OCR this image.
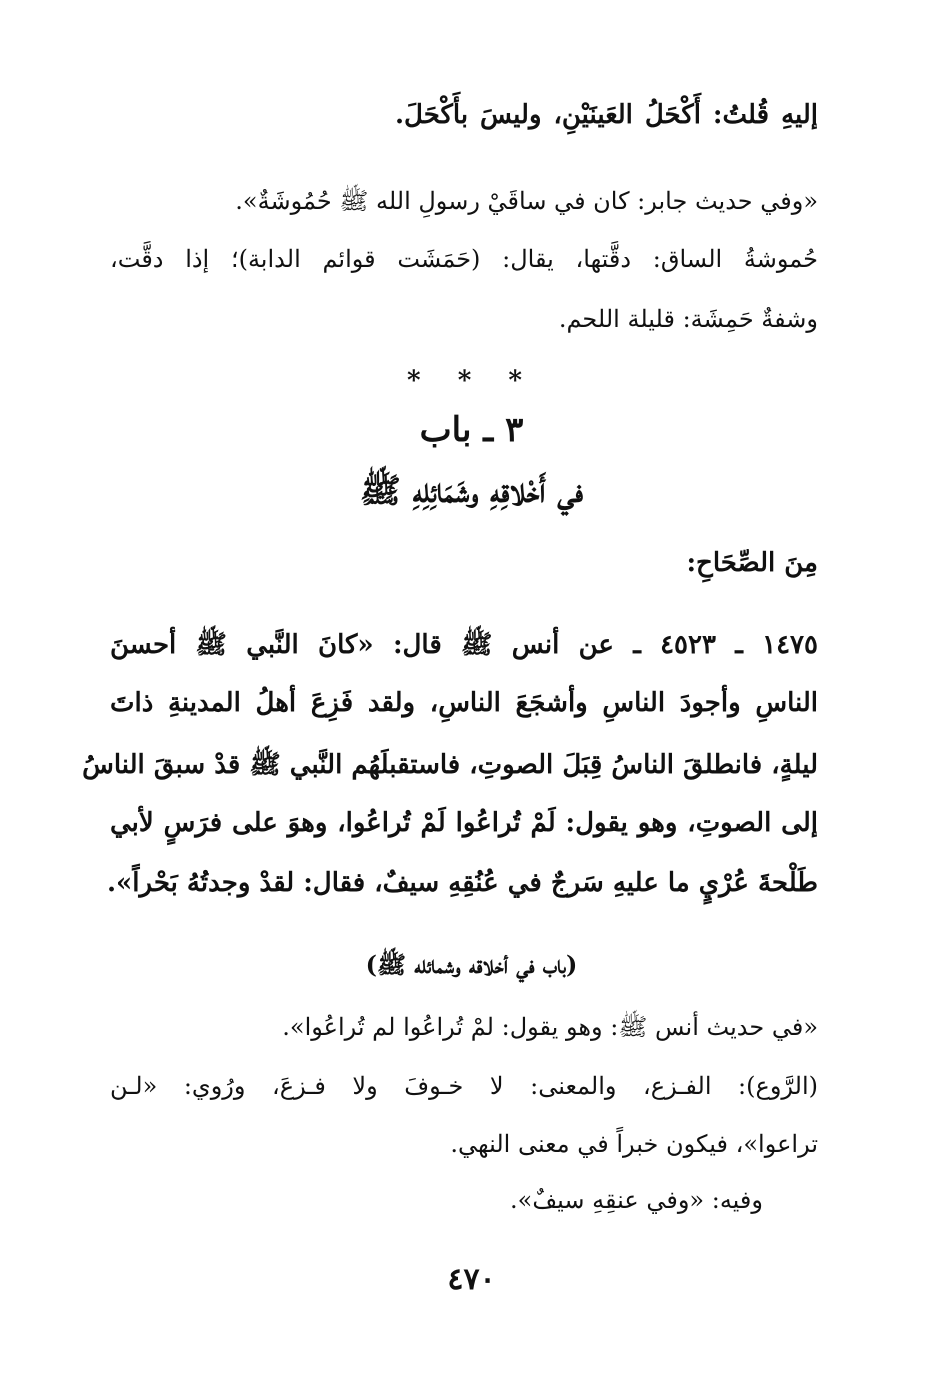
إليهِ قُلتُ: أَكْحَلُ العَينَيْنِ، وليسَ بأَكْحَلَ.
«وفي حديث جابر: كان في ساقَيْ رسولِ الله ﷺ حُمُوشَةٌ».
حُموشةُ الساق: دقَّتها، يقال: (حَمَشَت قوائم الدابة)؛ إذا دقَّت،
وشفةٌ حَمِشَة: قليلة اللحم.
* * *
٣ ـ باب
في أَخْلاقِهِ وشَمَائِلِهِ ﷺ
مِنَ الصِّحَاحِ:
١٤٧٥ ـ ٤٥٢٣ ـ عن أنس ﷺ قال: «كانَ النَّبي ﷺ أحسنَ
الناسِ وأجودَ الناسِ وأشجَعَ الناسِ، ولقد فَزِعَ أهلُ المدينةِ ذاتَ
ليلةٍ، فانطلقَ الناسُ قِبَلَ الصوتِ، فاستقبلَهُم النَّبي ﷺ قدْ سبقَ الناسُ
إلى الصوتِ، وهو يقول: لَمْ تُراعُوا لَمْ تُراعُوا، وهوَ على فرَسٍ لأبي
طَلْحةَ عُرْيٍ ما عليهِ سَرجٌ في عُنُقِهِ سيفٌ، فقال: لقدْ وجدتُهُ بَحْراً».
(باب في أخلاقه وشمائله ﷺ)
«في حديث أنس ﷺ: وهو يقول: لمْ تُراعُوا لم تُراعُوا».
(الرَّوع): الفـزع، والمعنى: لا خـوفَ ولا فـزعَ، ورُوي: «لـن
تراعوا»، فيكون خبراً في معنى النهي.
وفيه: «وفي عنقِهِ سيفٌ».
٤٧٠
